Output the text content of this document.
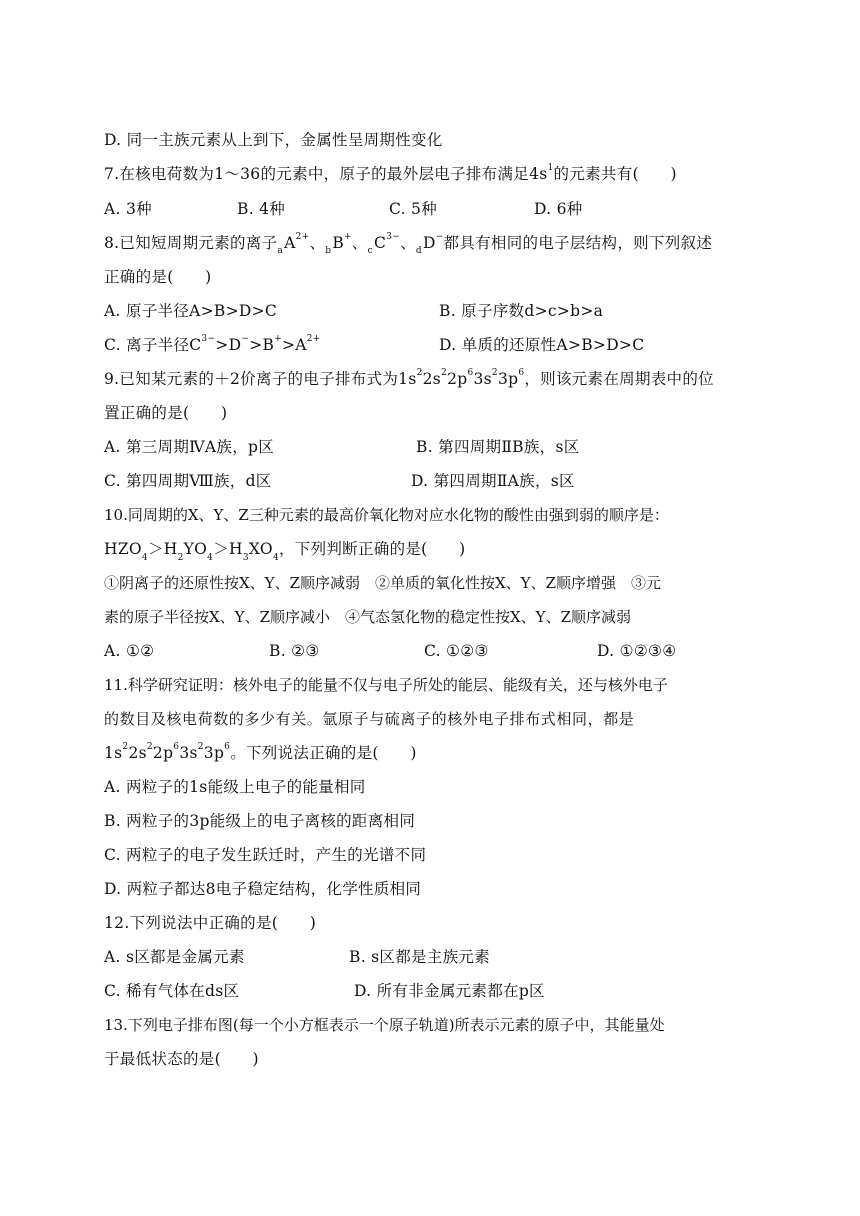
D. 同一主族元素从上到下，金属性呈周期性变化
7.在核电荷数为1～36的元素中，原子的最外层电子排布满足$4s^1$的元素共有(　　)
A. 3种	B. 4种	C. 5种	D. 6种
8.已知短周期元素的离子$_aA^{2+}$、$_b$B+、$_cC^{3-}$、$_d$D−都具有相同的电子层结构，则下列叙述
正确的是(　　)
A. 原子半径A>B>D>C	B. 原子序数d>c>b>a
C. 离子半径$C^{3-}>D^->B^+>A^{2+}$	D. 单质的还原性A>B>D>C
9.已知某元素的＋2价离子的电子排布式为$1s^22s^22p^63s^23p^6$，则该元素在周期表中的位
置正确的是(　　)
A. 第三周期ⅣA族，p区	B. 第四周期ⅡB族，s区
C. 第四周期Ⅷ族，d区	D. 第四周期ⅡA族，s区
10.同周期的X、Y、Z三种元素的最高价氧化物对应水化物的酸性由强到弱的顺序是：
$HZO_4>H_2YO_4>H_3XO_4$，下列判断正确的是(　　)
①阴离子的还原性按X、Y、Z顺序减弱　②单质的氧化性按X、Y、Z顺序增强　③元
素的原子半径按X、Y、Z顺序减小　④气态氢化物的稳定性按X、Y、Z顺序减弱
A. ①②	B. ②③	C. ①②③	D. ①②③④
11.科学研究证明：核外电子的能量不仅与电子所处的能层、能级有关，还与核外电子
的数目及核电荷数的多少有关。氩原子与硫离子的核外电子排布式相同，都是
$1s^22s^22p^63s^23p^6$。下列说法正确的是(　　)
A. 两粒子的1s能级上电子的能量相同
B. 两粒子的3p能级上的电子离核的距离相同
C. 两粒子的电子发生跃迁时，产生的光谱不同
D. 两粒子都达8电子稳定结构，化学性质相同
12.下列说法中正确的是(　　)
A. s区都是金属元素	B. s区都是主族元素
C. 稀有气体在ds区	D. 所有非金属元素都在p区
13.下列电子排布图(每一个小方框表示一个原子轨道)所表示元素的原子中，其能量处
于最低状态的是(　　)
